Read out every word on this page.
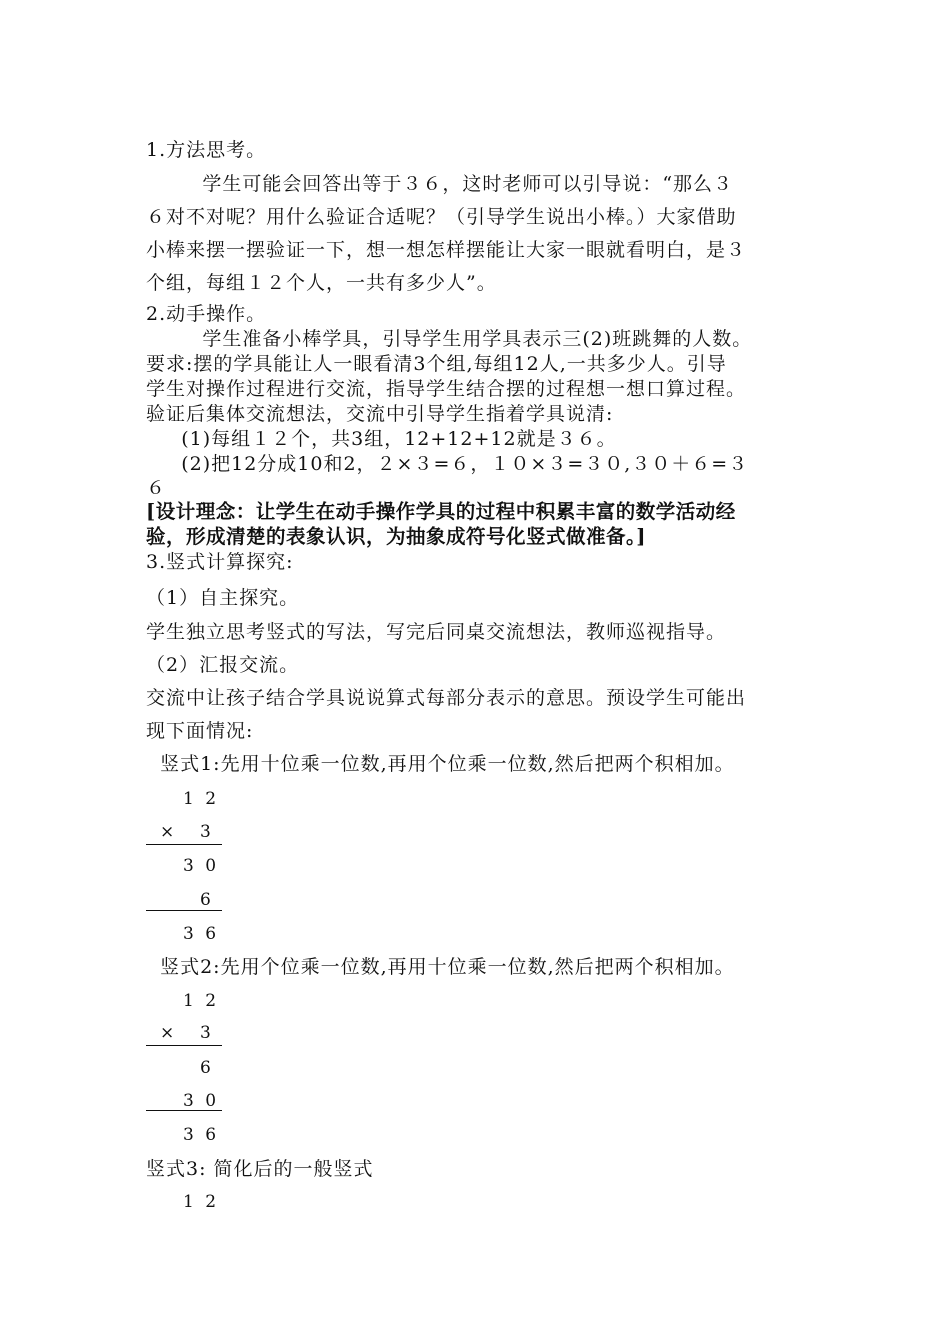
1.方法思考。
学生可能会回答出等于３６，这时老师可以引导说：“那么３
６对不对呢？用什么验证合适呢？（引导学生说出小棒。）大家借助
小棒来摆一摆验证一下，想一想怎样摆能让大家一眼就看明白，是３
个组，每组１２个人，一共有多少人”。
2.动手操作。
学生准备小棒学具，引导学生用学具表示三(2)班跳舞的人数。
要求:摆的学具能让人一眼看清3个组,每组12人,一共多少人。引导
学生对操作过程进行交流，指导学生结合摆的过程想一想口算过程。
验证后集体交流想法，交流中引导学生指着学具说清:
(1)每组１２个，共3组，12+12+12就是３６。
(2)把12分成10和2，２×３=６，１０×３=３０,３０＋６=３
６
[设计理念：让学生在动手操作学具的过程中积累丰富的数学活动经
验，形成清楚的表象认识，为抽象成符号化竖式做准备。]
3.竖式计算探究:
（1）自主探究。
学生独立思考竖式的写法，写完后同桌交流想法，教师巡视指导。
（2）汇报交流。
交流中让孩子结合学具说说算式每部分表示的意思。预设学生可能出
现下面情况:
竖式1:先用十位乘一位数,再用个位乘一位数,然后把两个积相加。
1 2
× 3
3 0
6
3 6
竖式2:先用个位乘一位数,再用十位乘一位数,然后把两个积相加。
1 2
× 3
6
3 0
3 6
竖式3: 简化后的一般竖式
1 2
